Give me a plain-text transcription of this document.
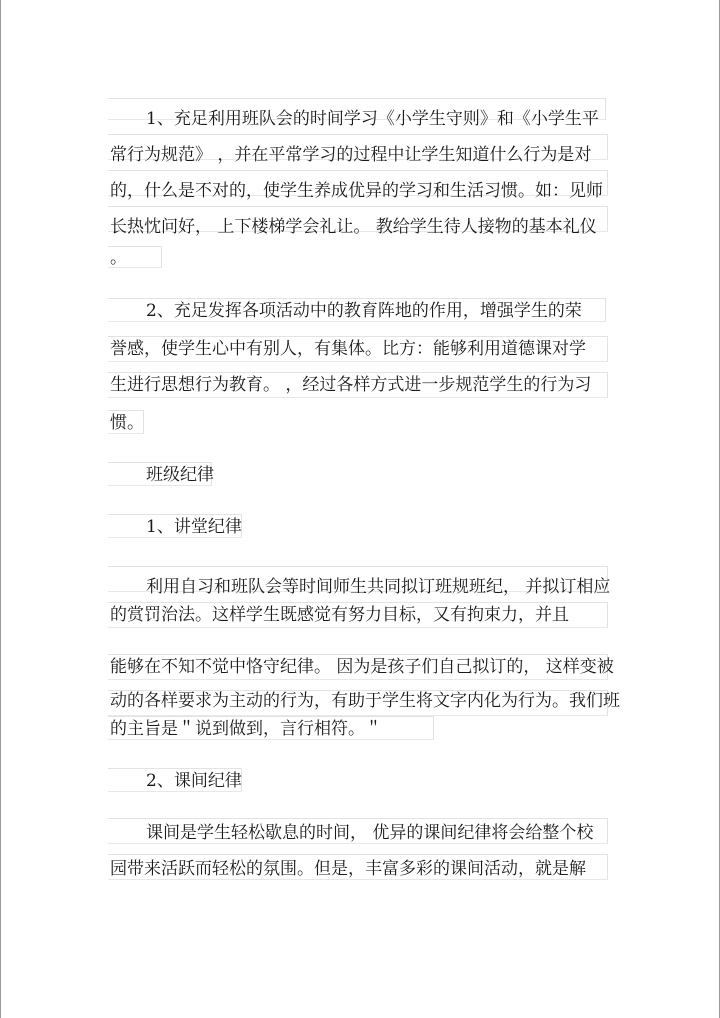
1、充足利用班队会的时间学习《小学生守则》和《小学生平
常行为规范》 ，并在平常学习的过程中让学生知道什么行为是对
的，什么是不对的，使学生养成优异的学习和生活习惯。如：见师
长热忱问好， 上下楼梯学会礼让。 教给学生待人接物的基本礼仪
。
2、充足发挥各项活动中的教育阵地的作用，增强学生的荣
誉感，使学生心中有别人，有集体。比方：能够利用道德课对学
生进行思想行为教育。 ，经过各样方式进一步规范学生的行为习
惯。
班级纪律
1、讲堂纪律
利用自习和班队会等时间师生共同拟订班规班纪， 并拟订相应
的赏罚治法。这样学生既感觉有努力目标，又有拘束力，并且
能够在不知不觉中恪守纪律。 因为是孩子们自己拟订的， 这样变被
动的各样要求为主动的行为，有助于学生将文字内化为行为。我们班
的主旨是＂说到做到，言行相符。＂
2、课间纪律
课间是学生轻松歇息的时间， 优异的课间纪律将会给整个校
园带来活跃而轻松的氛围。但是，丰富多彩的课间活动，就是解
